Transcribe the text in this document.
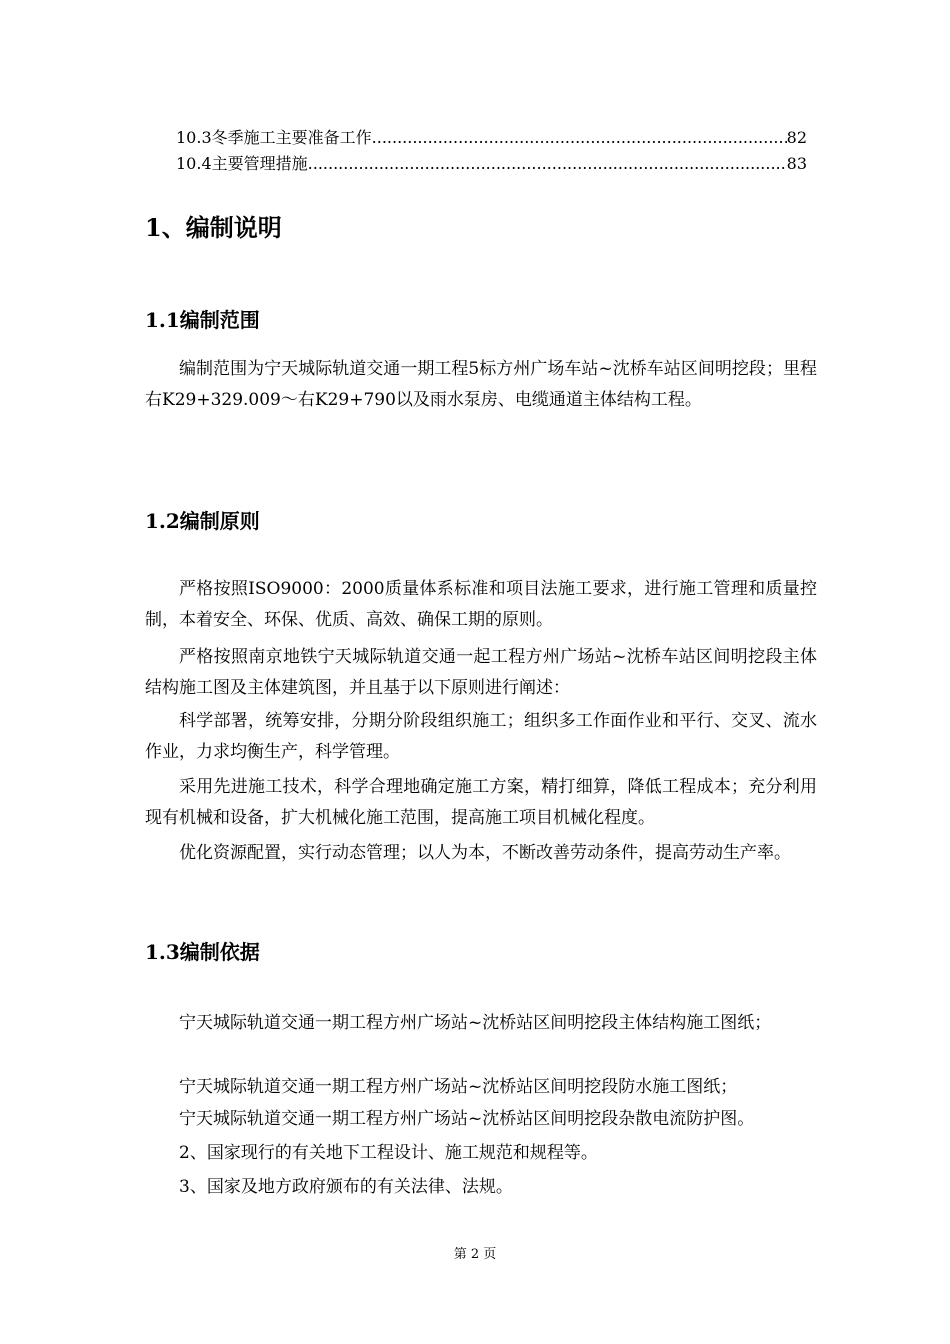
10.3冬季施工主要准备工作 .....	82
10.4主要管理措施 .....	83
1、编制说明
1.1编制范围

编制范围为宁天城际轨道交通一期工程5标方州广场车站~沈桥车站区间明挖段；里程右K29+329.009～右K29+790以及雨水泵房、电缆通道主体结构工程。

1.2编制原则

严格按照ISO9000：2000质量体系标准和项目法施工要求，进行施工管理和质量控制，本着安全、环保、优质、高效、确保工期的原则。

严格按照南京地铁宁天城际轨道交通一起工程方州广场站~沈桥车站区间明挖段主体结构施工图及主体建筑图，并且基于以下原则进行阐述：

科学部署，统筹安排，分期分阶段组织施工；组织多工作面作业和平行、交叉、流水作业，力求均衡生产，科学管理。

采用先进施工技术，科学合理地确定施工方案，精打细算，降低工程成本；充分利用现有机械和设备，扩大机械化施工范围，提高施工项目机械化程度。

优化资源配置，实行动态管理；以人为本，不断改善劳动条件，提高劳动生产率。

1.3编制依据

宁天城际轨道交通一期工程方州广场站~沈桥站区间明挖段主体结构施工图纸；

宁天城际轨道交通一期工程方州广场站~沈桥站区间明挖段防水施工图纸；

宁天城际轨道交通一期工程方州广场站~沈桥站区间明挖段杂散电流防护图。

2、国家现行的有关地下工程设计、施工规范和规程等。

3、国家及地方政府颁布的有关法律、法规。

第 2 页
